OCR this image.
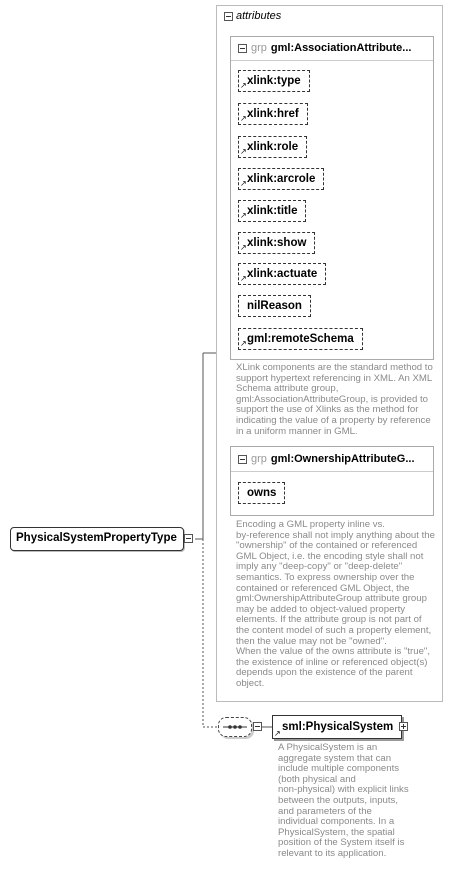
attributes
grp gml:AssociationAttribute...
xlink:type
↗
xlink:href
↗
xlink:role
↗
xlink:arcrole
↗
xlink:title
↗
xlink:show
↗
xlink:actuate
↗
nilReason
gml:remoteSchema
↗
XLink components are the standard method to
support hypertext referencing in XML. An XML
Schema attribute group,
gml:AssociationAttributeGroup, is provided to
support the use of Xlinks as the method for
indicating the value of a property by reference
in a uniform manner in GML.
grp gml:OwnershipAttributeG...
owns
Encoding a GML property inline vs.
by-reference shall not imply anything about the
"ownership" of the contained or referenced
GML Object, i.e. the encoding style shall not
imply any "deep-copy" or "deep-delete"
semantics. To express ownership over the
contained or referenced GML Object, the
gml:OwnershipAttributeGroup attribute group
may be added to object-valued property
elements. If the attribute group is not part of
the content model of such a property element,
then the value may not be "owned".
When the value of the owns attribute is "true",
the existence of inline or referenced object(s)
depends upon the existence of the parent
object.
PhysicalSystemPropertyType
↗
sml:PhysicalSystem
A PhysicalSystem is an
aggregate system that can
include multiple components
(both physical and
non-physical) with explicit links
between the outputs, inputs,
and parameters of the
individual components. In a
PhysicalSystem, the spatial
position of the System itself is
relevant to its application.
